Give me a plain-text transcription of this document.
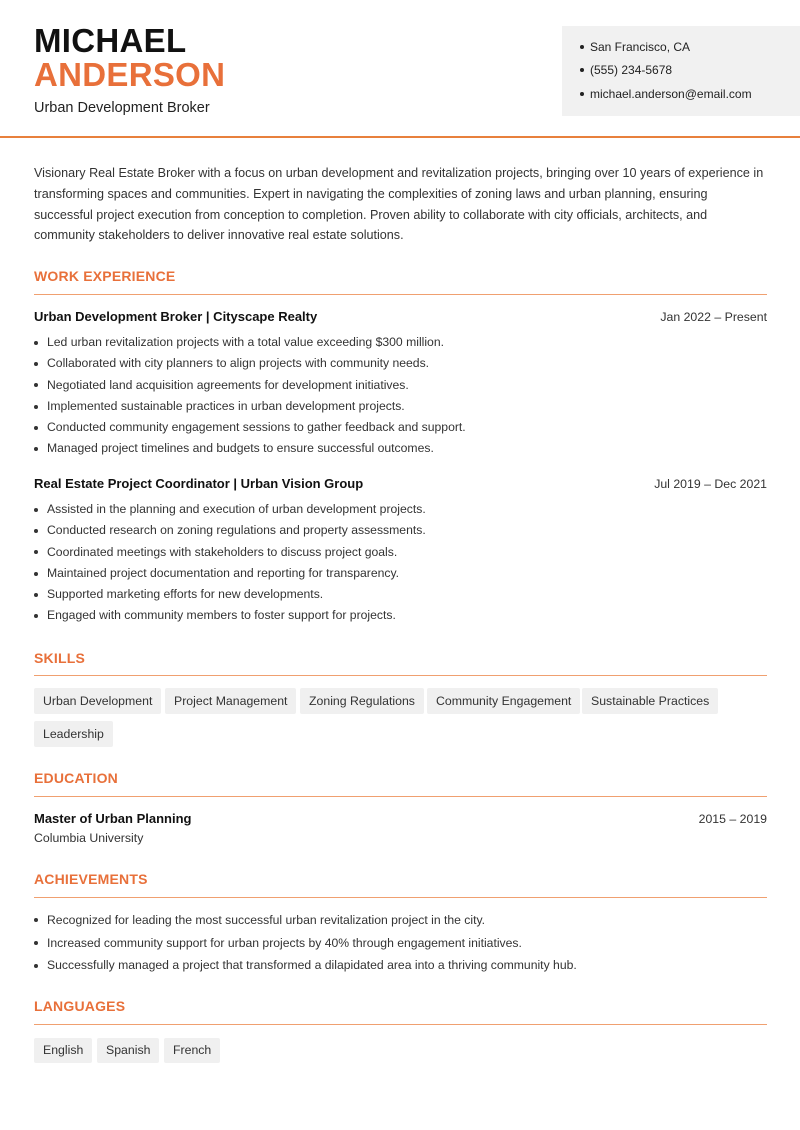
MICHAEL
ANDERSON
Urban Development Broker
San Francisco, CA
(555) 234-5678
michael.anderson@email.com

Visionary Real Estate Broker with a focus on urban development and revitalization projects, bringing over 10 years of experience in transforming spaces and communities. Expert in navigating the complexities of zoning laws and urban planning, ensuring successful project execution from conception to completion. Proven ability to collaborate with city officials, architects, and community stakeholders to deliver innovative real estate solutions.

WORK EXPERIENCE
Urban Development Broker | Cityscape Realty	Jan 2022 – Present
Led urban revitalization projects with a total value exceeding $300 million.
Collaborated with city planners to align projects with community needs.
Negotiated land acquisition agreements for development initiatives.
Implemented sustainable practices in urban development projects.
Conducted community engagement sessions to gather feedback and support.
Managed project timelines and budgets to ensure successful outcomes.
Real Estate Project Coordinator | Urban Vision Group	Jul 2019 – Dec 2021
Assisted in the planning and execution of urban development projects.
Conducted research on zoning regulations and property assessments.
Coordinated meetings with stakeholders to discuss project goals.
Maintained project documentation and reporting for transparency.
Supported marketing efforts for new developments.
Engaged with community members to foster support for projects.
SKILLS
Urban Development	Project Management	Zoning Regulations	Community Engagement	Sustainable Practices
Leadership
EDUCATION
Master of Urban Planning
Columbia University
2015 – 2019
ACHIEVEMENTS
Recognized for leading the most successful urban revitalization project in the city.
Increased community support for urban projects by 40% through engagement initiatives.
Successfully managed a project that transformed a dilapidated area into a thriving community hub.
LANGUAGES
English	Spanish	French
